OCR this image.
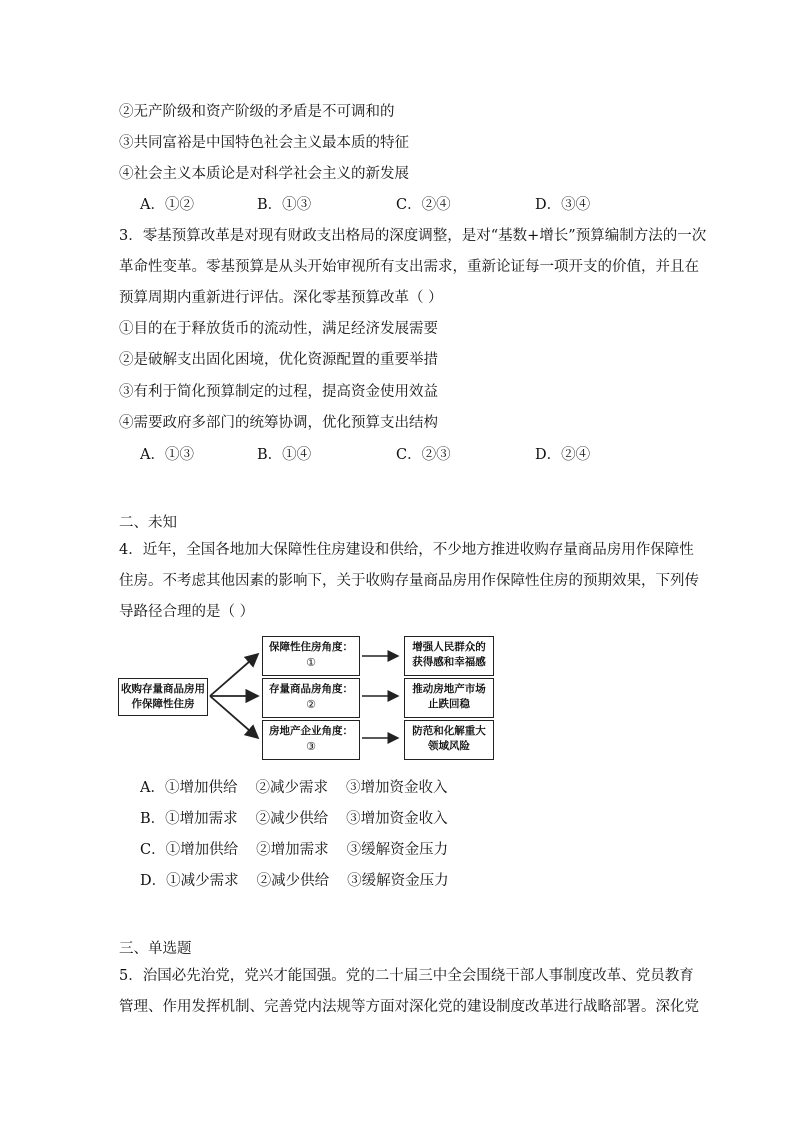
②无产阶级和资产阶级的矛盾是不可调和的

③共同富裕是中国特色社会主义最本质的特征

④社会主义本质论是对科学社会主义的新发展

A．①②	B．①③	C．②④	D．③④

3．零基预算改革是对现有财政支出格局的深度调整，是对“基数+增长”预算编制方法的一次

革命性变革。零基预算是从头开始审视所有支出需求，重新论证每一项开支的价值，并且在

预算周期内重新进行评估。深化零基预算改革（ ）

①目的在于释放货币的流动性，满足经济发展需要

②是破解支出固化困境，优化资源配置的重要举措

③有利于简化预算制定的过程，提高资金使用效益

④需要政府多部门的统筹协调，优化预算支出结构

A．①③	B．①④	C．②③	D．②④

二、未知

4．近年，全国各地加大保障性住房建设和供给，不少地方推进收购存量商品房用作保障性

住房。不考虑其他因素的影响下，关于收购存量商品房用作保障性住房的预期效果，下列传

导路径合理的是（ ）

收购存量商品房用作保障性住房
保障性住房角度：
①
存量商品房角度：
②
房地产企业角度：
③
增强人民群众的获得感和幸福感
推动房地产市场止跌回稳
防范和化解重大领域风险
A．①增加供给 ②减少需求 ③增加资金收入
B．①增加需求 ②减少供给 ③增加资金收入
C．①增加供给 ②增加需求 ③缓解资金压力
D．①减少需求 ②减少供给 ③缓解资金压力

三、单选题

5．治国必先治党，党兴才能国强。党的二十届三中全会围绕干部人事制度改革、党员教育

管理、作用发挥机制、完善党内法规等方面对深化党的建设制度改革进行战略部署。深化党
